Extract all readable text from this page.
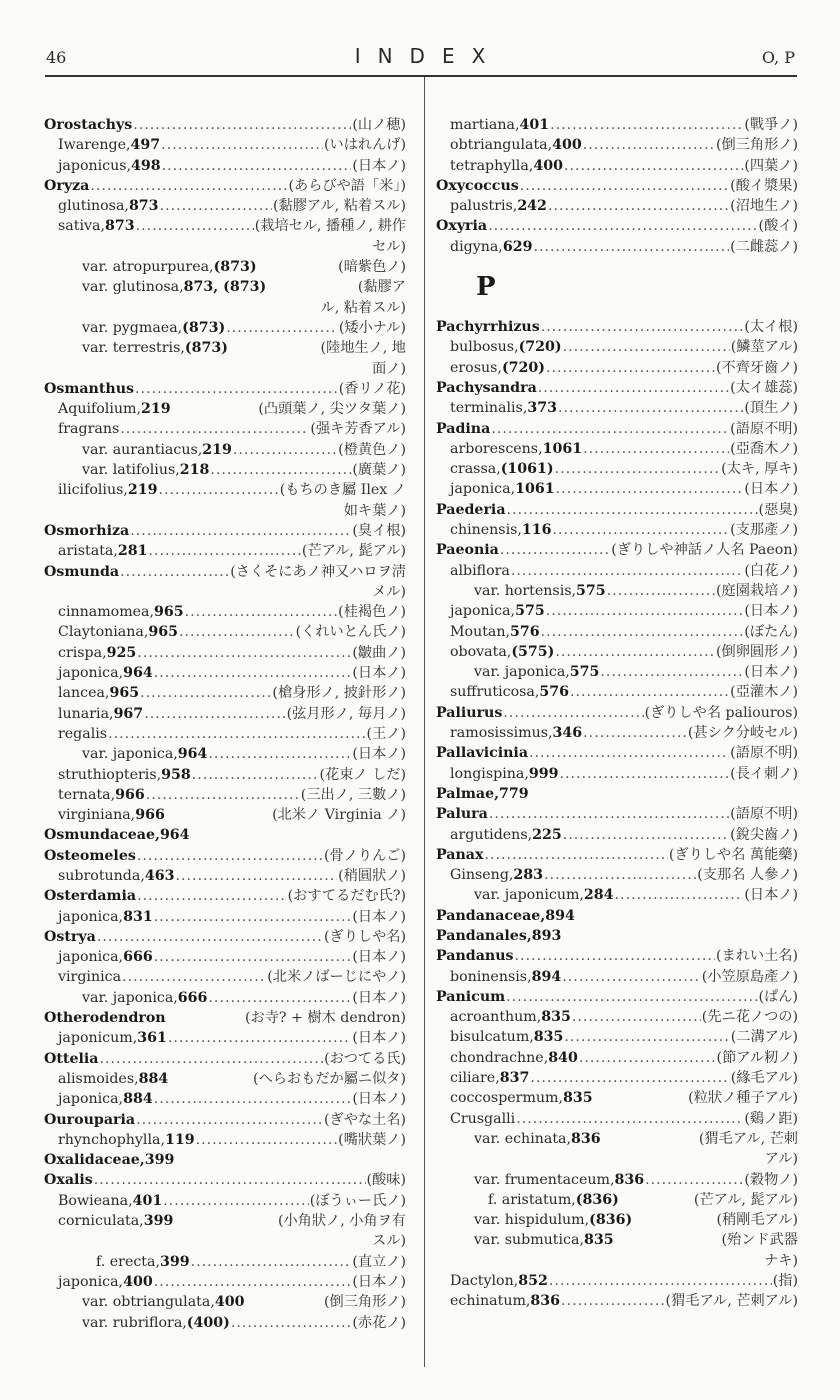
46	INDEX	O, P
Orostachys .....	(山ノ穂)
Iwarenge, 497 .....	(いはれんげ)
japonicus, 498 .....	(日本ノ)
Oryza .....	(あらびや語「米」)
glutinosa, 873 .....	(黏膠アル, 粘着スル)
sativa, 873 .....	(栽培セル, 播種ノ, 耕作
セル)
var. atropurpurea, (873)	(暗紫色ノ)
var. glutinosa, 873, (873)	(黏膠ア
ル, 粘着スル)
var. pygmaea, (873) .....	(矮小ナル)
var. terrestris, (873)	(陸地生ノ, 地
面ノ)
Osmanthus .....	(香リノ花)
Aquifolium, 219	(凸頭葉ノ, 尖ツタ葉ノ)
fragrans .....	(强キ芳香アル)
var. aurantiacus, 219 .....	(橙黄色ノ)
var. latifolius, 218 .....	(廣葉ノ)
ilicifolius, 219 .....	(もちのき屬 Ilex ノ
如キ葉ノ)
Osmorhiza .....	(臭イ根)
aristata, 281 .....	(芒アル, 髭アル)
Osmunda .....	(さくそにあノ神又ハロヲ淸
メル)
cinnamomea, 965 .....	(桂褐色ノ)
Claytoniana, 965 .....	(くれいとん氏ノ)
crispa, 925 .....	(皺曲ノ)
japonica, 964 .....	(日本ノ)
lancea, 965 .....	(槍身形ノ, 披針形ノ)
lunaria, 967 .....	(弦月形ノ, 毎月ノ)
regalis .....	(王ノ)
var. japonica, 964 .....	(日本ノ)
struthiopteris, 958 .....	(花束ノ しだ)
ternata, 966 .....	(三出ノ, 三數ノ)
virginiana, 966	(北米ノ Virginia ノ)
Osmundaceae, 964
Osteomeles .....	(骨ノりんご)
subrotunda, 463 .....	(稍圓狀ノ)
Osterdamia .....	(おすてるだむ氏?)
japonica, 831 .....	(日本ノ)
Ostrya .....	(ぎりしや名)
japonica, 666 .....	(日本ノ)
virginica .....	(北米ノばーじにやノ)
var. japonica, 666 .....	(日本ノ)
Otherodendron	(お寺? + 樹木 dendron)
japonicum, 361 .....	(日本ノ)
Ottelia .....	(おつてる氏)
alismoides, 884	(へらおもだか屬ニ似タ)
japonica, 884 .....	(日本ノ)
Ourouparia .....	(ぎやな土名)
rhynchophylla, 119 .....	(嘴狀葉ノ)
Oxalidaceae, 399
Oxalis .....	(酸味)
Bowieana, 401 .....	(ぼうぃー氏ノ)
corniculata, 399	(小角狀ノ, 小角ヲ有
スル)
f. erecta, 399 .....	(直立ノ)
japonica, 400 .....	(日本ノ)
var. obtriangulata, 400	(倒三角形ノ)
var. rubriflora, (400) .....	(赤花ノ)
martiana, 401 .....	(戰爭ノ)
obtriangulata, 400 .....	(倒三角形ノ)
tetraphylla, 400 .....	(四葉ノ)
Oxycoccus .....	(酸イ漿果)
palustris, 242 .....	(沼地生ノ)
Oxyria .....	(酸イ)
digyna, 629 .....	(二雌蕊ノ)
P
Pachyrrhizus .....	(太イ根)
bulbosus, (720) .....	(鱗莖アル)
erosus, (720) .....	(不齊牙齒ノ)
Pachysandra .....	(太イ雄蕊)
terminalis, 373 .....	(頂生ノ)
Padina .....	(語原不明)
arborescens, 1061 .....	(亞喬木ノ)
crassa, (1061) .....	(太キ, 厚キ)
japonica, 1061 .....	(日本ノ)
Paederia .....	(惡臭)
chinensis, 116 .....	(支那產ノ)
Paeonia .....	(ぎりしや神話ノ人名 Paeon)
albiflora .....	(白花ノ)
var. hortensis, 575 .....	(庭園栽培ノ)
japonica, 575 .....	(日本ノ)
Moutan, 576 .....	(ぼたん)
obovata, (575) .....	(倒卵圓形ノ)
var. japonica, 575 .....	(日本ノ)
suffruticosa, 576 .....	(亞灌木ノ)
Paliurus .....	(ぎりしや名 paliouros)
ramosissimus, 346 .....	(甚シク分岐セル)
Pallavicinia .....	(語原不明)
longispina, 999 .....	(長イ刺ノ)
Palmae, 779
Palura .....	(語原不明)
argutidens, 225 .....	(銳尖齒ノ)
Panax .....	(ぎりしや名 萬能藥)
Ginseng, 283 .....	(支那名 人參ノ)
var. japonicum, 284 .....	(日本ノ)
Pandanaceae, 894
Pandanales, 893
Pandanus .....	(まれい土名)
boninensis, 894 .....	(小笠原島產ノ)
Panicum .....	(ぱん)
acroanthum, 835 .....	(先ニ花ノつの)
bisulcatum, 835 .....	(二溝アル)
chondrachne, 840 .....	(節アル籾ノ)
ciliare, 837 .....	(緣毛アル)
coccospermum, 835	(粒狀ノ種子アル)
Crusgalli .....	(鷄ノ距)
var. echinata, 836	(猬毛アル, 芒刺
アル)
var. frumentaceum, 836 .....	(穀物ノ)
f. aristatum, (836)	(芒アル, 髭アル)
var. hispidulum, (836)	(稍剛毛アル)
var. submutica, 835	(殆ンド武器
ナキ)
Dactylon, 852 .....	(指)
echinatum, 836 .....	(猬毛アル, 芒刺アル)
